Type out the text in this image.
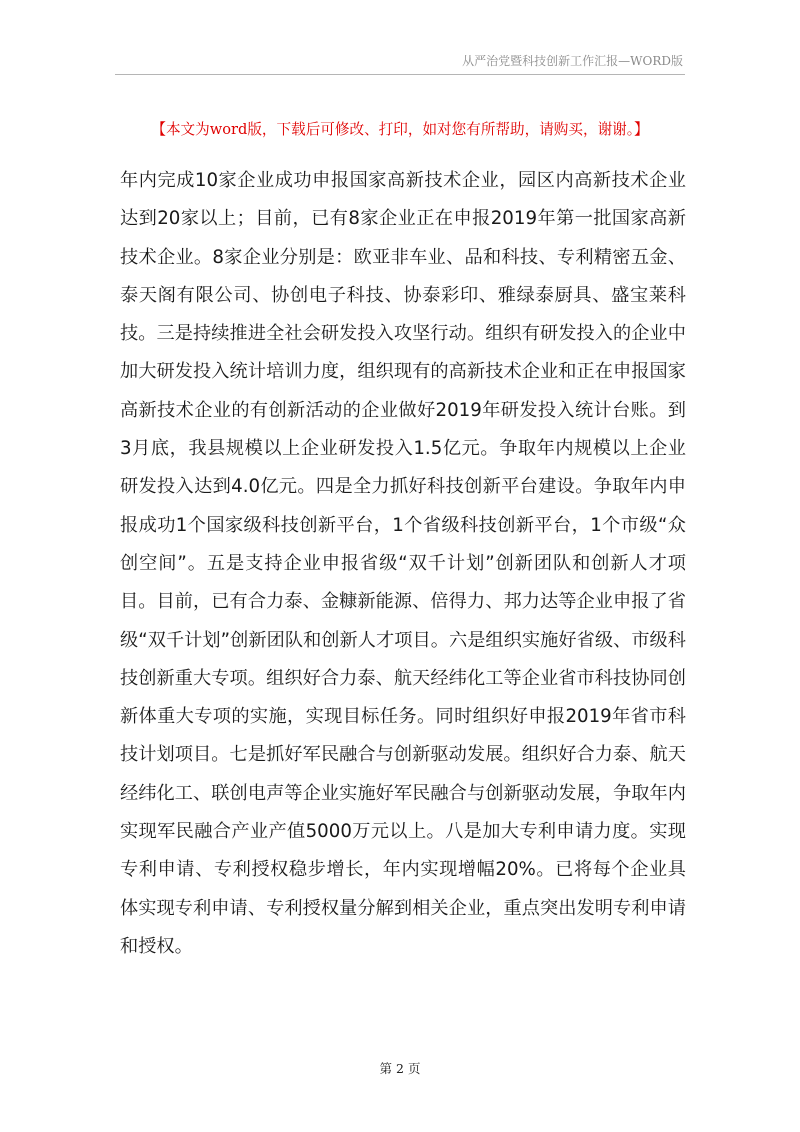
从严治党暨科技创新工作汇报—WORD版
【本文为word版，下载后可修改、打印，如对您有所帮助，请购买，谢谢。】

年内完成10家企业成功申报国家高新技术企业，园区内高新技术企业达到20家以上；目前，已有8家企业正在申报2019年第一批国家高新技术企业。8家企业分别是：欧亚非车业、品和科技、专利精密五金、泰天阁有限公司、协创电子科技、协泰彩印、雅绿泰厨具、盛宝莱科技。三是持续推进全社会研发投入攻坚行动。组织有研发投入的企业中加大研发投入统计培训力度，组织现有的高新技术企业和正在申报国家高新技术企业的有创新活动的企业做好2019年研发投入统计台账。到3月底，我县规模以上企业研发投入1.5亿元。争取年内规模以上企业研发投入达到4.0亿元。四是全力抓好科技创新平台建设。争取年内申报成功1个国家级科技创新平台，1个省级科技创新平台，1个市级“众创空间”。五是支持企业申报省级“双千计划”创新团队和创新人才项目。目前，已有合力泰、金糠新能源、倍得力、邦力达等企业申报了省级“双千计划”创新团队和创新人才项目。六是组织实施好省级、市级科技创新重大专项。组织好合力泰、航天经纬化工等企业省市科技协同创新体重大专项的实施，实现目标任务。同时组织好申报2019年省市科技计划项目。七是抓好军民融合与创新驱动发展。组织好合力泰、航天经纬化工、联创电声等企业实施好军民融合与创新驱动发展，争取年内实现军民融合产业产值5000万元以上。八是加大专利申请力度。实现专利申请、专利授权稳步增长，年内实现增幅20%。已将每个企业具体实现专利申请、专利授权量分解到相关企业，重点突出发明专利申请和授权。

第 2 页
